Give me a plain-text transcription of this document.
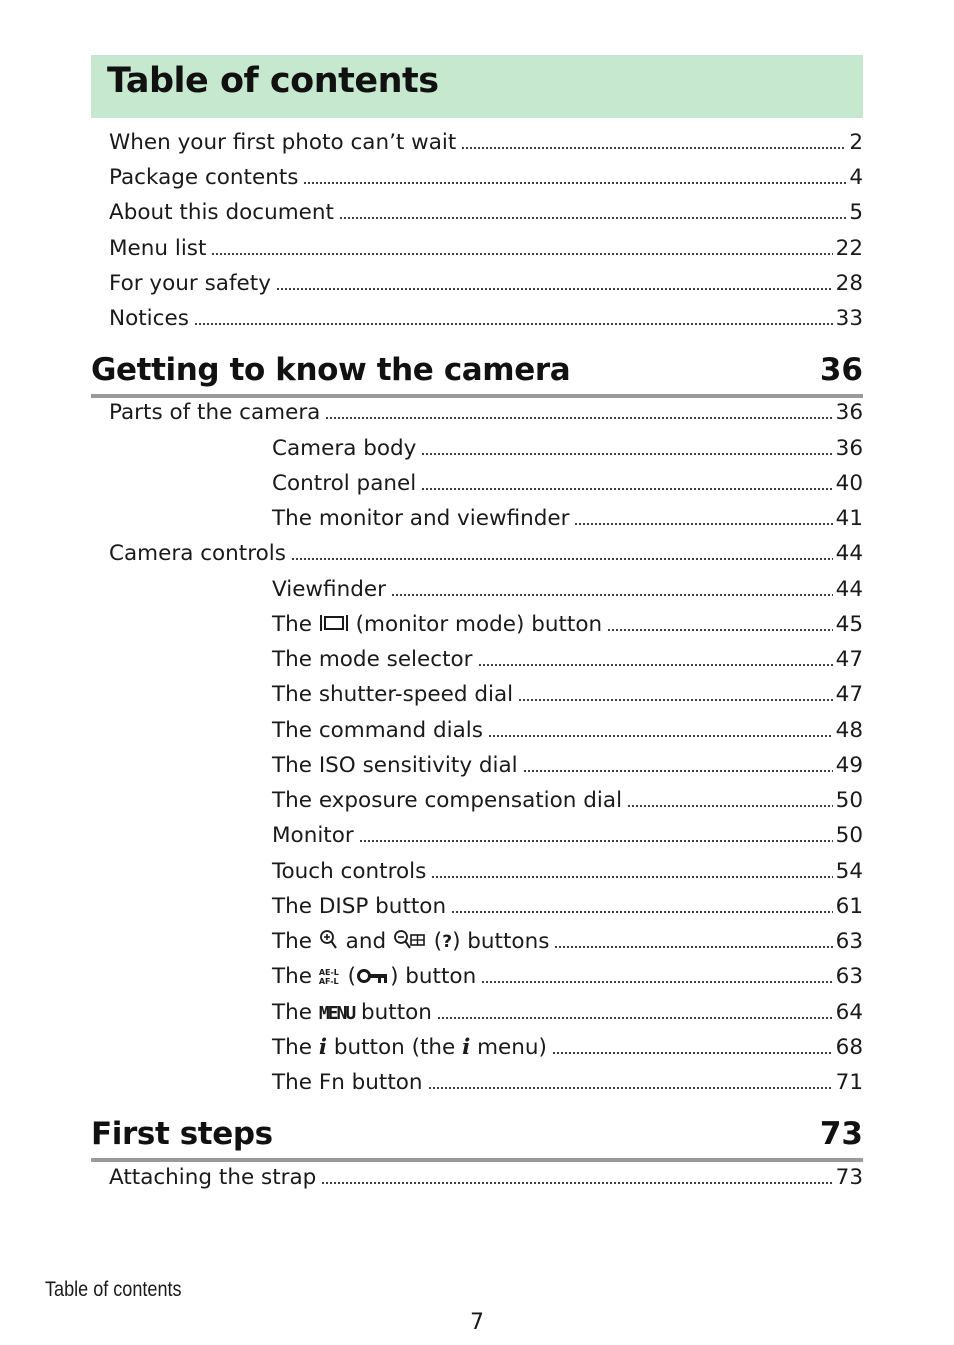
Table of contents
When your first photo can’t wait	2
Package contents	4
About this document	5
Menu list	22
For your safety	28
Notices	33
Getting to know the camera	36
Parts of the camera	36
Camera body	36
Control panel	40
The monitor and viewfinder	41
Camera controls	44
Viewfinder	44
The  (monitor mode) button	45
The mode selector	47
The shutter-speed dial	47
The command dials	48
The ISO sensitivity dial	49
The exposure compensation dial	50
Monitor	50
Touch controls	54
The DISP button	61
The  and  (?) buttons	63
The AE-L AF-L ( ) button	63
The MENU button	64
The i button (the i menu)	68
The Fn button	71
First steps	73
Attaching the strap	73
Table of contents
7
